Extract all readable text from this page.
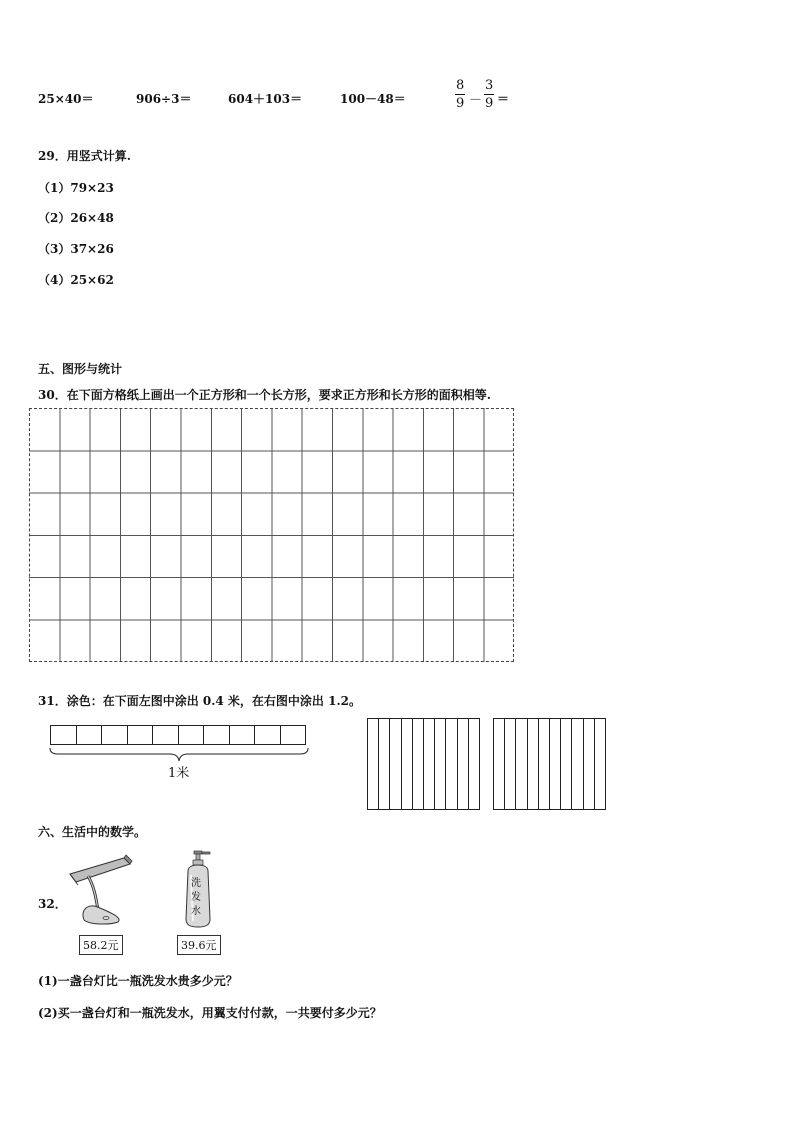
25×40＝	906÷3＝	604＋103＝	100－48＝	$\frac{8}{9} - \frac{3}{9}$ ＝
29．用竖式计算.
（1）79×23
（2）26×48
（3）37×26
（4）25×62
五、图形与统计
30．在下面方格纸上画出一个正方形和一个长方形，要求正方形和长方形的面积相等.
31．涂色：在下面左图中涂出 0.4 米，在右图中涂出 1.2。
1米
六、生活中的数学。
32．
洗
发
水
58.2元	39.6元
(1)一盏台灯比一瓶洗发水贵多少元？
(2)买一盏台灯和一瓶洗发水，用翼支付付款，一共要付多少元？
